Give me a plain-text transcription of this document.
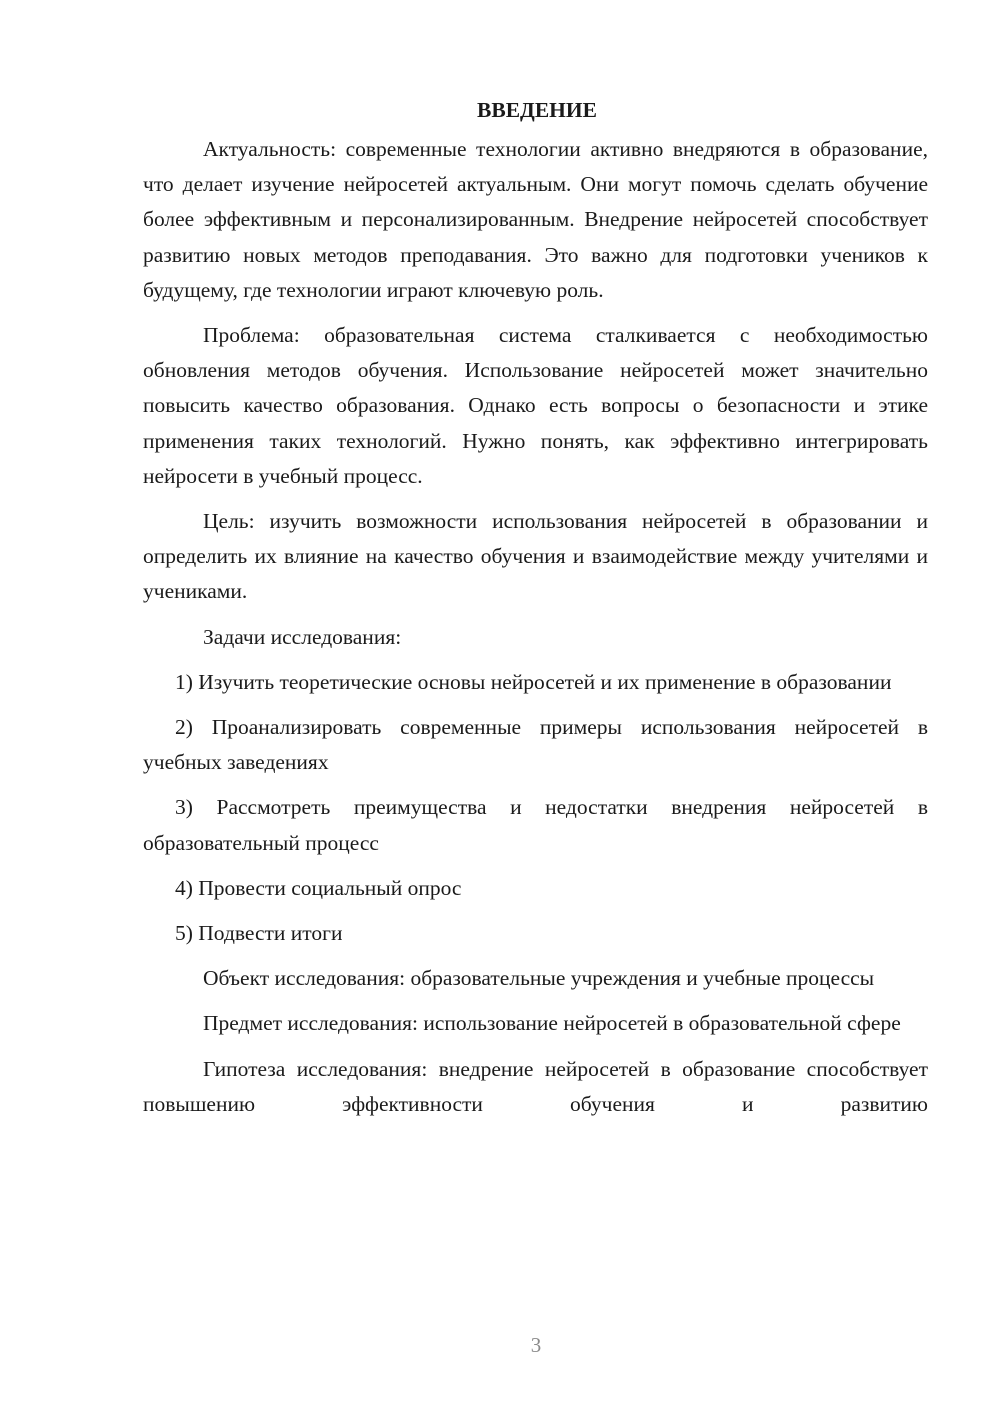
ВВЕДЕНИЕ

Актуальность: современные технологии активно внедряются в образование, что делает изучение нейросетей актуальным. Они могут помочь сделать обучение более эффективным и персонализированным. Внедрение нейросетей способствует развитию новых методов преподавания. Это важно для подготовки учеников к будущему, где технологии играют ключевую роль.

Проблема: образовательная система сталкивается с необходимостью обновления методов обучения. Использование нейросетей может значительно повысить качество образования. Однако есть вопросы о безопасности и этике применения таких технологий. Нужно понять, как эффективно интегрировать нейросети в учебный процесс.

Цель: изучить возможности использования нейросетей в образовании и определить их влияние на качество обучения и взаимодействие между учителями и учениками.

Задачи исследования:

1) Изучить теоретические основы нейросетей и их применение в образовании

2) Проанализировать современные примеры использования нейросетей в учебных заведениях

3) Рассмотреть преимущества и недостатки внедрения нейросетей в образовательный процесс

4) Провести социальный опрос

5) Подвести итоги

Объект исследования: образовательные учреждения и учебные процессы

Предмет исследования: использование нейросетей в образовательной сфере

Гипотеза исследования: внедрение нейросетей в образование способствует повышению эффективности обучения и развитию

3
